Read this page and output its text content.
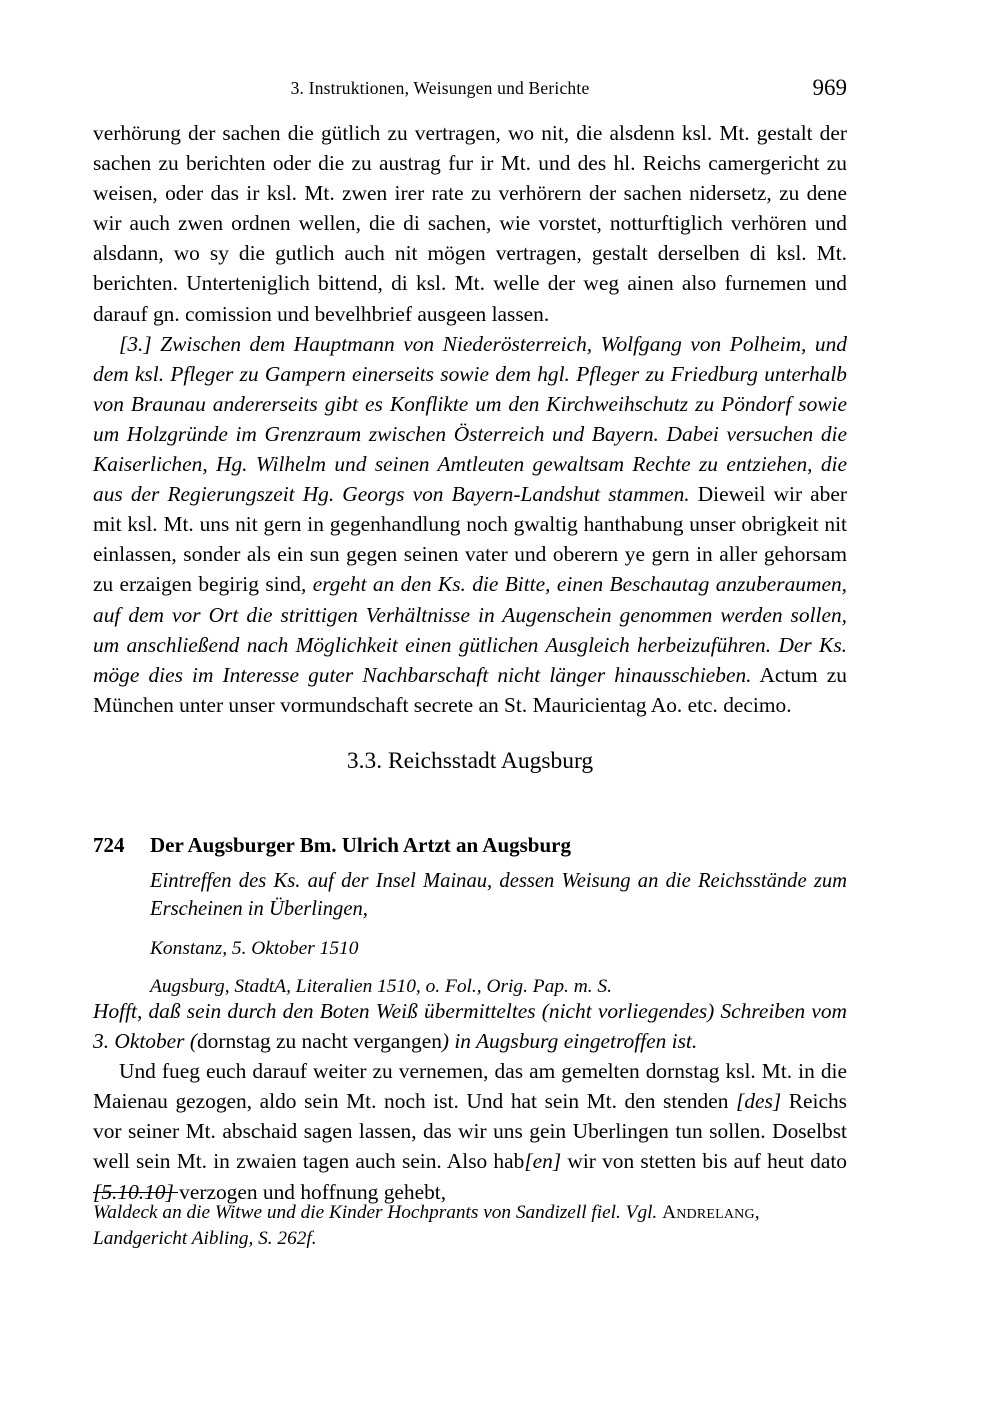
3. Instruktionen, Weisungen und Berichte	969

verhörung der sachen die gütlich zu vertragen, wo nit, die alsdenn ksl. Mt. gestalt der sachen zu berichten oder die zu austrag fur ir Mt. und des hl. Reichs camergericht zu weisen, oder das ir ksl. Mt. zwen irer rate zu verhörern der sachen nidersetz, zu dene wir auch zwen ordnen wellen, die di sachen, wie vorstet, notturftiglich verhören und alsdann, wo sy die gutlich auch nit mögen vertragen, gestalt derselben di ksl. Mt. berichten. Unterteniglich bittend, di ksl. Mt. welle der weg ainen also furnemen und darauf gn. comission und bevelhbrief ausgeen lassen.

[3.] Zwischen dem Hauptmann von Niederösterreich, Wolfgang von Polheim, und dem ksl. Pfleger zu Gampern einerseits sowie dem hgl. Pfleger zu Friedburg unterhalb von Braunau andererseits gibt es Konflikte um den Kirchweihschutz zu Pöndorf sowie um Holzgründe im Grenzraum zwischen Österreich und Bayern. Dabei versuchen die Kaiserlichen, Hg. Wilhelm und seinen Amtleuten gewaltsam Rechte zu entziehen, die aus der Regierungszeit Hg. Georgs von Bayern-Landshut stammen. Dieweil wir aber mit ksl. Mt. uns nit gern in gegenhandlung noch gwaltig hanthabung unser obrigkeit nit einlassen, sonder als ein sun gegen seinen vater und oberern ye gern in aller gehorsam zu erzaigen begirig sind, ergeht an den Ks. die Bitte, einen Beschautag anzuberaumen, auf dem vor Ort die strittigen Verhältnisse in Augenschein genommen werden sollen, um anschließend nach Möglichkeit einen gütlichen Ausgleich herbeizuführen. Der Ks. möge dies im Interesse guter Nachbarschaft nicht länger hinausschieben. Actum zu München unter unser vormundschaft secrete an St. Mauricientag Ao. etc. decimo.

3.3. Reichsstadt Augsburg
724 Der Augsburger Bm. Ulrich Artzt an Augsburg

Eintreffen des Ks. auf der Insel Mainau, dessen Weisung an die Reichsstände zum Erscheinen in Überlingen,

Konstanz, 5. Oktober 1510

Augsburg, StadtA, Literalien 1510, o. Fol., Orig. Pap. m. S.

Hofft, daß sein durch den Boten Weiß übermitteltes (nicht vorliegendes) Schreiben vom 3. Oktober (dornstag zu nacht vergangen) in Augsburg eingetroffen ist.

Und fueg euch darauf weiter zu vernemen, das am gemelten dornstag ksl. Mt. in die Maienau gezogen, aldo sein Mt. noch ist. Und hat sein Mt. den stenden [des] Reichs vor seiner Mt. abschaid sagen lassen, das wir uns gein Uberlingen tun sollen. Doselbst well sein Mt. in zwaien tagen auch sein. Also hab[en] wir von stetten bis auf heut dato [5.10.10] verzogen und hoffnung gehebt,

Waldeck an die Witwe und die Kinder Hochprants von Sandizell fiel. Vgl. Andrelang, Landgericht Aibling, S. 262f.
